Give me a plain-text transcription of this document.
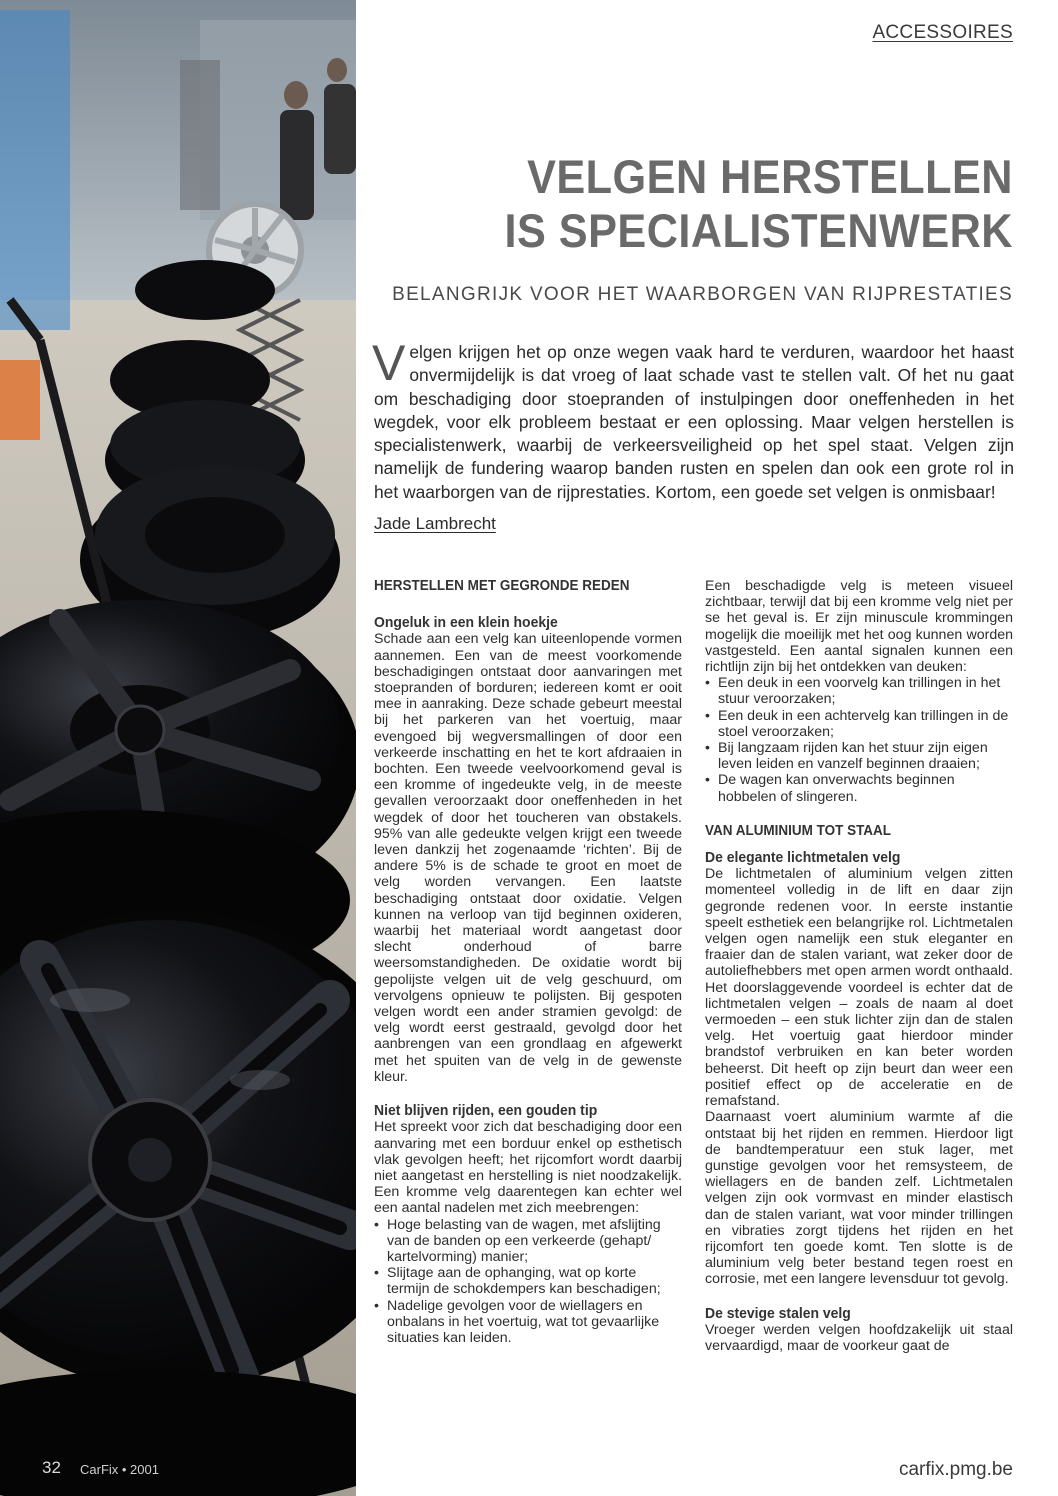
32 CarFix • 2001
ACCESSOIRES
VELGEN HERSTELLEN
IS SPECIALISTENWERK
BELANGRIJK VOOR HET WAARBORGEN VAN RIJPRESTATIES
Velgen krijgen het op onze wegen vaak hard te verduren, waardoor het haast onvermijdelijk is dat vroeg of laat schade vast te stellen valt. Of het nu gaat om beschadiging door stoepranden of instulpingen door oneffenheden in het wegdek, voor elk probleem bestaat er een oplossing. Maar velgen herstellen is specialistenwerk, waarbij de verkeersveiligheid op het spel staat. Velgen zijn namelijk de fundering waarop banden rusten en spelen dan ook een grote rol in het waarborgen van de rijprestaties. Kortom, een goede set velgen is onmisbaar!
Jade Lambrecht
HERSTELLEN MET GEGRONDE REDEN
Ongeluk in een klein hoekje

Schade aan een velg kan uiteenlopende vormen aannemen. Een van de meest voorkomende beschadigingen ontstaat door aanvaringen met stoepranden of borduren; iedereen komt er ooit mee in aanraking. Deze schade gebeurt meestal bij het parkeren van het voertuig, maar evengoed bij wegversmallingen of door een verkeerde inschatting en het te kort afdraaien in bochten. Een tweede veelvoorkomend geval is een kromme of ingedeukte velg, in de meeste gevallen veroorzaakt door oneffenheden in het wegdek of door het toucheren van obstakels. 95% van alle gedeukte velgen krijgt een tweede leven dankzij het zogenaamde ‘richten’. Bij de andere 5% is de schade te groot en moet de velg worden vervangen. Een laatste beschadiging ontstaat door oxidatie. Velgen kunnen na verloop van tijd beginnen oxideren, waarbij het materiaal wordt aangetast door slecht onderhoud of barre weersomstandigheden. De oxidatie wordt bij gepolijste velgen uit de velg geschuurd, om vervolgens opnieuw te polijsten. Bij gespoten velgen wordt een ander stramien gevolgd: de velg wordt eerst gestraald, gevolgd door het aanbrengen van een grondlaag en afgewerkt met het spuiten van de velg in de gewenste kleur.

Niet blijven rijden, een gouden tip

Het spreekt voor zich dat beschadiging door een aanvaring met een borduur enkel op esthetisch vlak gevolgen heeft; het rijcomfort wordt daarbij niet aangetast en herstelling is niet noodzakelijk. Een kromme velg daarentegen kan echter wel een aantal nadelen met zich meebrengen:

• Hoge belasting van de wagen, met afslijting van de banden op een verkeerde (gehapt/ kartelvorming) manier;
• Slijtage aan de ophanging, wat op korte termijn de schokdempers kan beschadigen;
• Nadelige gevolgen voor de wiellagers en onbalans in het voertuig, wat tot gevaarlijke situaties kan leiden.

Een beschadigde velg is meteen visueel zichtbaar, terwijl dat bij een kromme velg niet per se het geval is. Er zijn minuscule krommingen mogelijk die moeilijk met het oog kunnen worden vastgesteld. Een aantal signalen kunnen een richtlijn zijn bij het ontdekken van deuken:

• Een deuk in een voorvelg kan trillingen in het stuur veroorzaken;
• Een deuk in een achtervelg kan trillingen in de stoel veroorzaken;
• Bij langzaam rijden kan het stuur zijn eigen leven leiden en vanzelf beginnen draaien;
• De wagen kan onverwachts beginnen hobbelen of slingeren.
VAN ALUMINIUM TOT STAAL
De elegante lichtmetalen velg

De lichtmetalen of aluminium velgen zitten momenteel volledig in de lift en daar zijn gegronde redenen voor. In eerste instantie speelt esthetiek een belangrijke rol. Lichtmetalen velgen ogen namelijk een stuk eleganter en fraaier dan de stalen variant, wat zeker door de autoliefhebbers met open armen wordt onthaald. Het doorslaggevende voordeel is echter dat de lichtmetalen velgen – zoals de naam al doet vermoeden – een stuk lichter zijn dan de stalen velg. Het voertuig gaat hierdoor minder brandstof verbruiken en kan beter worden beheerst. Dit heeft op zijn beurt dan weer een positief effect op de acceleratie en de remafstand.

Daarnaast voert aluminium warmte af die ontstaat bij het rijden en remmen. Hierdoor ligt de bandtemperatuur een stuk lager, met gunstige gevolgen voor het remsysteem, de wiellagers en de banden zelf. Lichtmetalen velgen zijn ook vormvast en minder elastisch dan de stalen variant, wat voor minder trillingen en vibraties zorgt tijdens het rijden en het rijcomfort ten goede komt. Ten slotte is de aluminium velg beter bestand tegen roest en corrosie, met een langere levensduur tot gevolg.

De stevige stalen velg

Vroeger werden velgen hoofdzakelijk uit staal vervaardigd, maar de voorkeur gaat de

carfix.pmg.be
